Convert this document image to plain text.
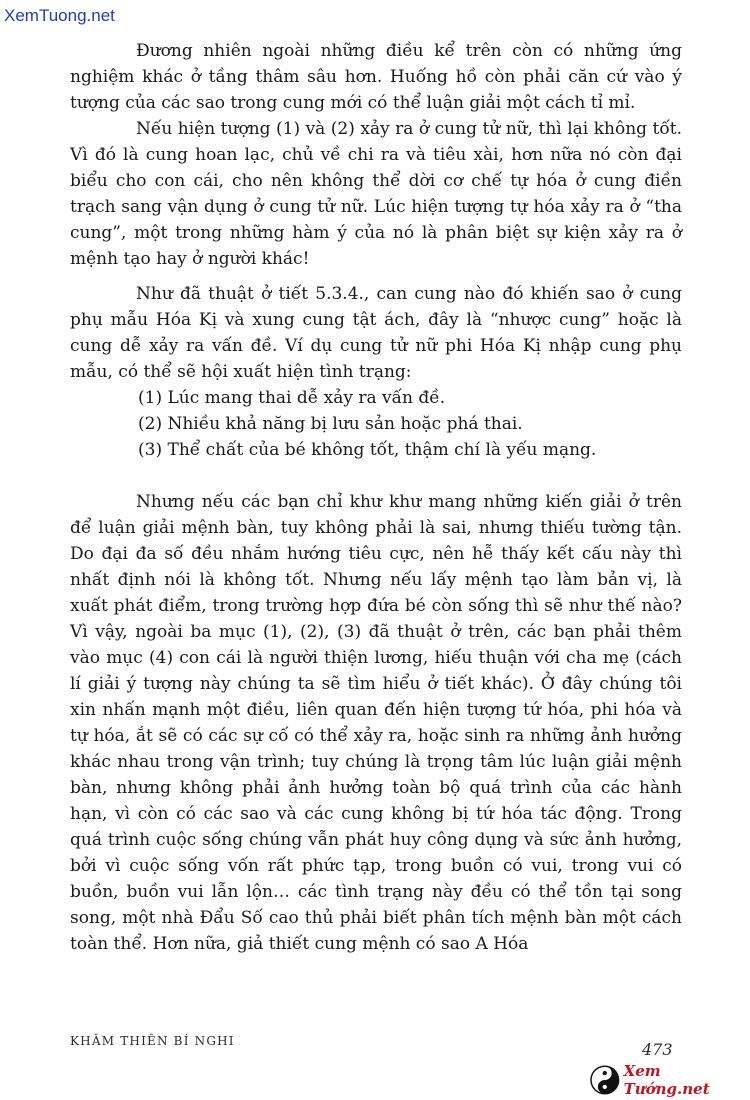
XemTuong.net

Đương nhiên ngoài những điều kể trên còn có những ứng nghiệm khác ở tầng thâm sâu hơn. Huống hồ còn phải căn cứ vào ý tượng của các sao trong cung mới có thể luận giải một cách tỉ mỉ.

Nếu hiện tượng (1) và (2) xảy ra ở cung tử nữ, thì lại không tốt. Vì đó là cung hoan lạc, chủ về chi ra và tiêu xài, hơn nữa nó còn đại biểu cho con cái, cho nên không thể dời cơ chế tự hóa ở cung điền trạch sang vận dụng ở cung tử nữ. Lúc hiện tượng tự hóa xảy ra ở “tha cung”, một trong những hàm ý của nó là phân biệt sự kiện xảy ra ở mệnh tạo hay ở người khác!

Như đã thuật ở tiết 5.3.4., can cung nào đó khiến sao ở cung phụ mẫu Hóa Kị và xung cung tật ách, đây là “nhược cung” hoặc là cung dễ xảy ra vấn đề. Ví dụ cung tử nữ phi Hóa Kị nhập cung phụ mẫu, có thể sẽ hội xuất hiện tình trạng:

(1) Lúc mang thai dễ xảy ra vấn đề.
(2) Nhiều khả năng bị lưu sản hoặc phá thai.
(3) Thể chất của bé không tốt, thậm chí là yếu mạng.

Nhưng nếu các bạn chỉ khư khư mang những kiến giải ở trên để luận giải mệnh bàn, tuy không phải là sai, nhưng thiếu tường tận. Do đại đa số đều nhắm hướng tiêu cực, nên hễ thấy kết cấu này thì nhất định nói là không tốt. Nhưng nếu lấy mệnh tạo làm bản vị, là xuất phát điểm, trong trường hợp đứa bé còn sống thì sẽ như thế nào? Vì vậy, ngoài ba mục (1), (2), (3) đã thuật ở trên, các bạn phải thêm vào mục (4) con cái là người thiện lương, hiếu thuận với cha mẹ (cách lí giải ý tượng này chúng ta sẽ tìm hiểu ở tiết khác). Ở đây chúng tôi xin nhấn mạnh một điều, liên quan đến hiện tượng tứ hóa, phi hóa và tự hóa, ắt sẽ có các sự cố có thể xảy ra, hoặc sinh ra những ảnh hưởng khác nhau trong vận trình; tuy chúng là trọng tâm lúc luận giải mệnh bàn, nhưng không phải ảnh hưởng toàn bộ quá trình của các hành hạn, vì còn có các sao và các cung không bị tứ hóa tác động. Trong quá trình cuộc sống chúng vẫn phát huy công dụng và sức ảnh hưởng, bởi vì cuộc sống vốn rất phức tạp, trong buồn có vui, trong vui có buồn, buồn vui lẫn lộn… các tình trạng này đều có thể tồn tại song song, một nhà Đẩu Số cao thủ phải biết phân tích mệnh bàn một cách toàn thể. Hơn nữa, giả thiết cung mệnh có sao A Hóa

KHÂM THIÊN BÍ NGHI	473
Xem Tướng.net
